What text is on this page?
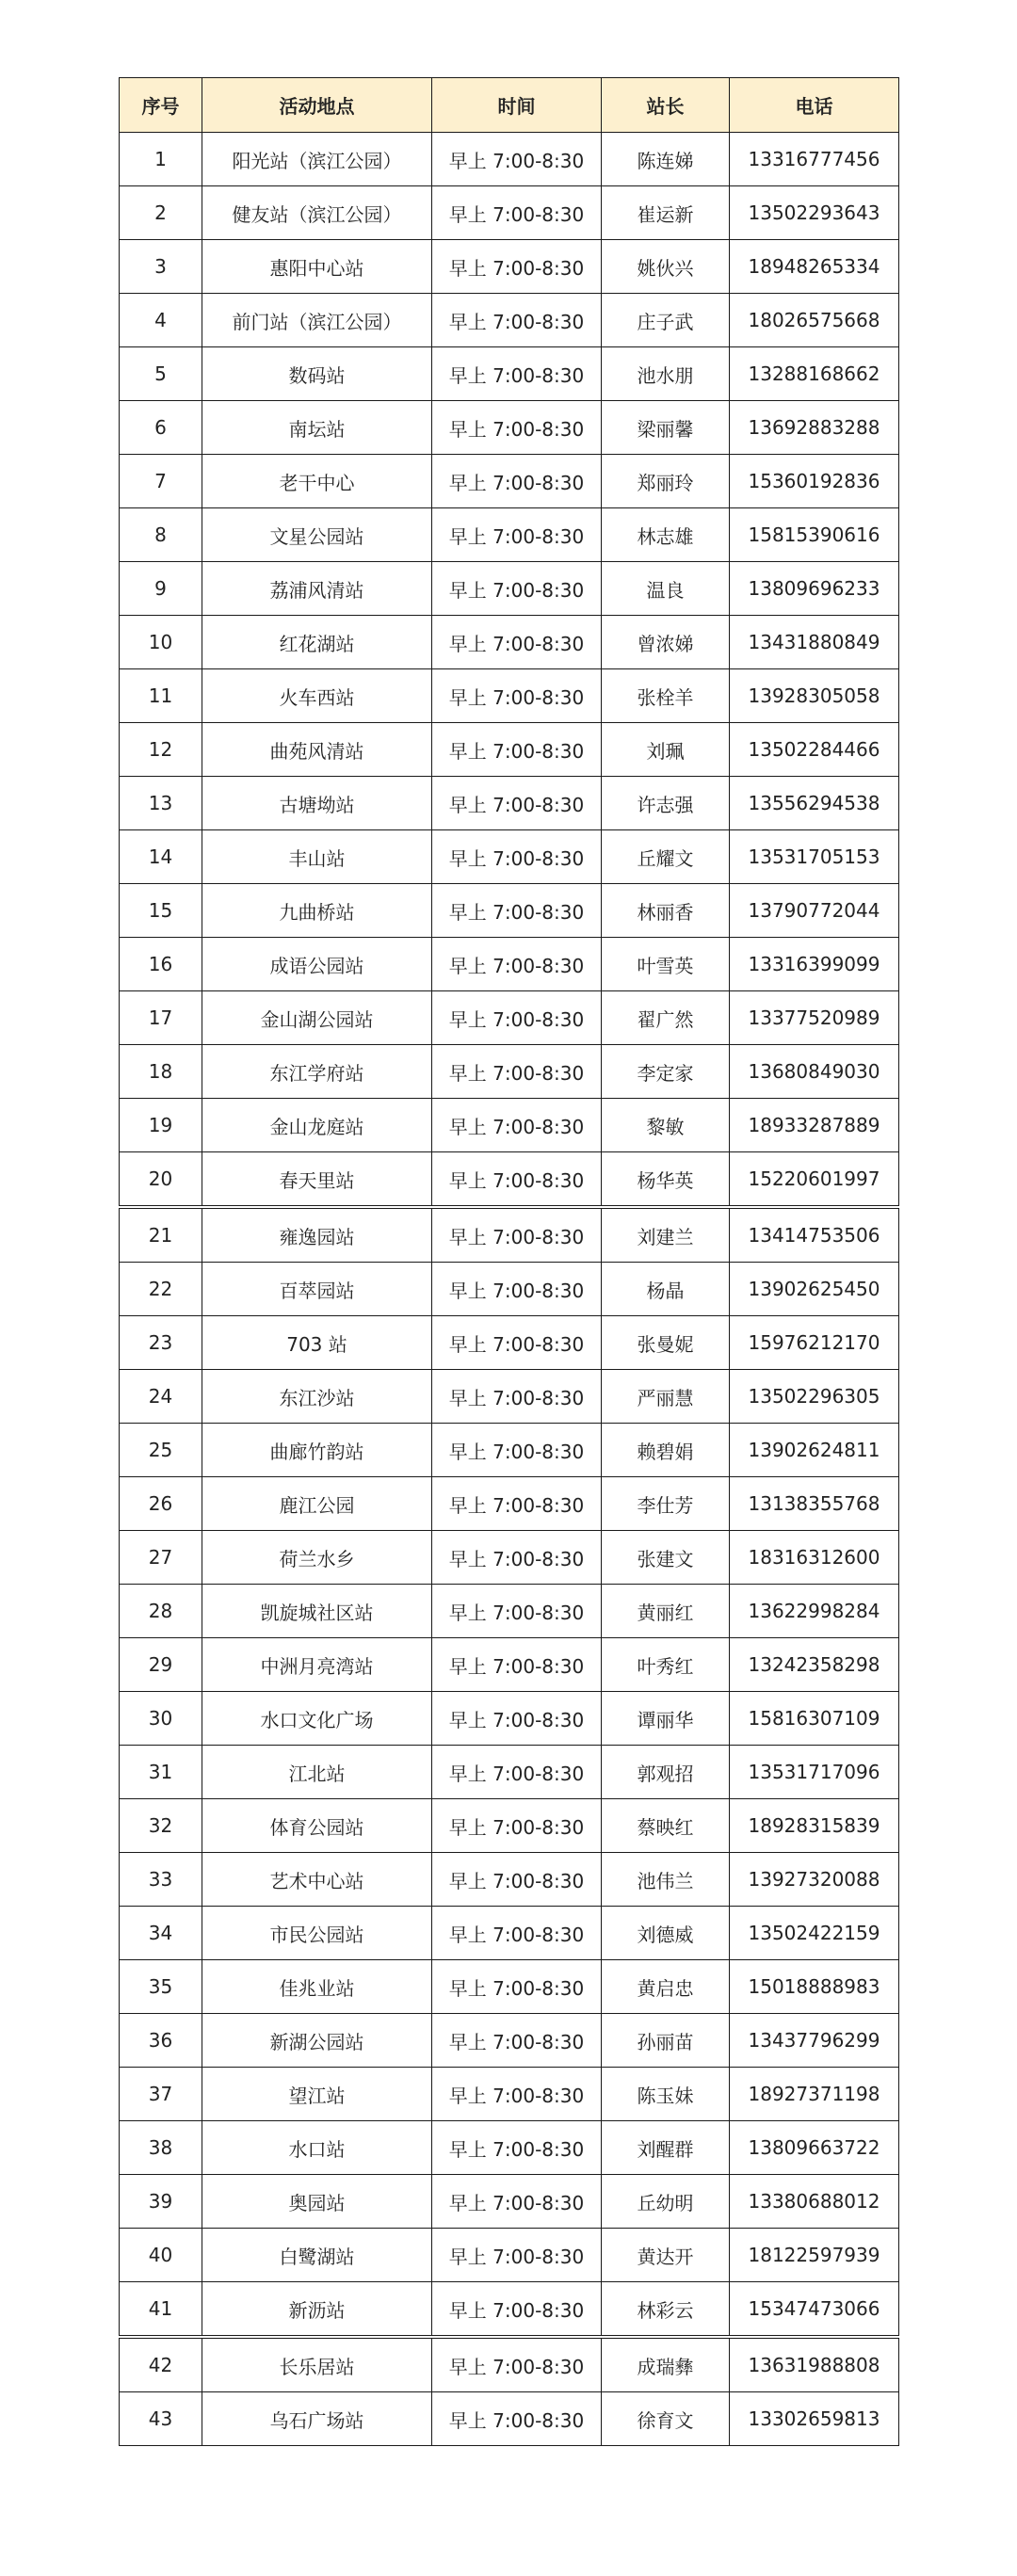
序号	活动地点	时间	站长	电话
1	阳光站（滨江公园）	早上 7:00-8:30	陈连娣	13316777456
2	健友站（滨江公园）	早上 7:00-8:30	崔运新	13502293643
3	惠阳中心站	早上 7:00-8:30	姚伙兴	18948265334
4	前门站（滨江公园）	早上 7:00-8:30	庄子武	18026575668
5	数码站	早上 7:00-8:30	池水朋	13288168662
6	南坛站	早上 7:00-8:30	梁丽馨	13692883288
7	老干中心	早上 7:00-8:30	郑丽玲	15360192836
8	文星公园站	早上 7:00-8:30	林志雄	15815390616
9	荔浦风清站	早上 7:00-8:30	温良	13809696233
10	红花湖站	早上 7:00-8:30	曾浓娣	13431880849
11	火车西站	早上 7:00-8:30	张栓羊	13928305058
12	曲苑风清站	早上 7:00-8:30	刘珮	13502284466
13	古塘坳站	早上 7:00-8:30	许志强	13556294538
14	丰山站	早上 7:00-8:30	丘耀文	13531705153
15	九曲桥站	早上 7:00-8:30	林丽香	13790772044
16	成语公园站	早上 7:00-8:30	叶雪英	13316399099
17	金山湖公园站	早上 7:00-8:30	翟广然	13377520989
18	东江学府站	早上 7:00-8:30	李定家	13680849030
19	金山龙庭站	早上 7:00-8:30	黎敏	18933287889
20	春天里站	早上 7:00-8:30	杨华英	15220601997
21	雍逸园站	早上 7:00-8:30	刘建兰	13414753506
22	百萃园站	早上 7:00-8:30	杨晶	13902625450
23	703 站	早上 7:00-8:30	张曼妮	15976212170
24	东江沙站	早上 7:00-8:30	严丽慧	13502296305
25	曲廊竹韵站	早上 7:00-8:30	赖碧娟	13902624811
26	鹿江公园	早上 7:00-8:30	李仕芳	13138355768
27	荷兰水乡	早上 7:00-8:30	张建文	18316312600
28	凯旋城社区站	早上 7:00-8:30	黄丽红	13622998284
29	中洲月亮湾站	早上 7:00-8:30	叶秀红	13242358298
30	水口文化广场	早上 7:00-8:30	谭丽华	15816307109
31	江北站	早上 7:00-8:30	郭观招	13531717096
32	体育公园站	早上 7:00-8:30	蔡映红	18928315839
33	艺术中心站	早上 7:00-8:30	池伟兰	13927320088
34	市民公园站	早上 7:00-8:30	刘德威	13502422159
35	佳兆业站	早上 7:00-8:30	黄启忠	15018888983
36	新湖公园站	早上 7:00-8:30	孙丽苗	13437796299
37	望江站	早上 7:00-8:30	陈玉妹	18927371198
38	水口站	早上 7:00-8:30	刘醒群	13809663722
39	奥园站	早上 7:00-8:30	丘幼明	13380688012
40	白鹭湖站	早上 7:00-8:30	黄达开	18122597939
41	新沥站	早上 7:00-8:30	林彩云	15347473066
42	长乐居站	早上 7:00-8:30	成瑞彝	13631988808
43	乌石广场站	早上 7:00-8:30	徐育文	13302659813
